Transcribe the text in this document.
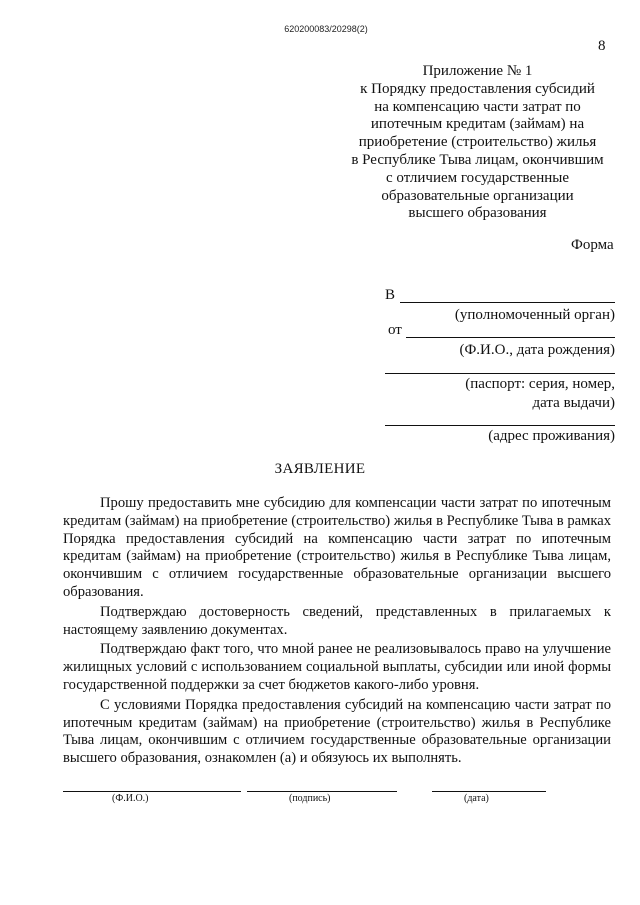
620200083/20298(2)
8
Приложение № 1
к Порядку предоставления субсидий
на компенсацию части затрат по
ипотечным кредитам (займам) на
приобретение (строительство) жилья
в Республике Тыва лицам, окончившим
с отличием государственные
образовательные организации
высшего образования
Форма
В
(уполномоченный орган)
от
(Ф.И.О., дата рождения)
(паспорт: серия, номер,
дата выдачи)
(адрес проживания)
ЗАЯВЛЕНИЕ

Прошу предоставить мне субсидию для компенсации части затрат по ипотечным кредитам (займам) на приобретение (строительство) жилья в Республике Тыва в рамках Порядка предоставления субсидий на компенсацию части затрат по ипотечным кредитам (займам) на приобретение (строительство) жилья в Республике Тыва лицам, окончившим с отличием государственные образовательные организации высшего образования.

Подтверждаю достоверность сведений, представленных в прилагаемых к настоящему заявлению документах.

Подтверждаю факт того, что мной ранее не реализовывалось право на улучшение жилищных условий с использованием социальной выплаты, субсидии или иной формы государственной поддержки за счет бюджетов какого-либо уровня.

С условиями Порядка предоставления субсидий на компенсацию части затрат по ипотечным кредитам (займам) на приобретение (строительство) жилья в Республике Тыва лицам, окончившим с отличием государственные образовательные организации высшего образования, ознакомлен (а) и обязуюсь их выполнять.

(Ф.И.О.)	(подпись)	(дата)
